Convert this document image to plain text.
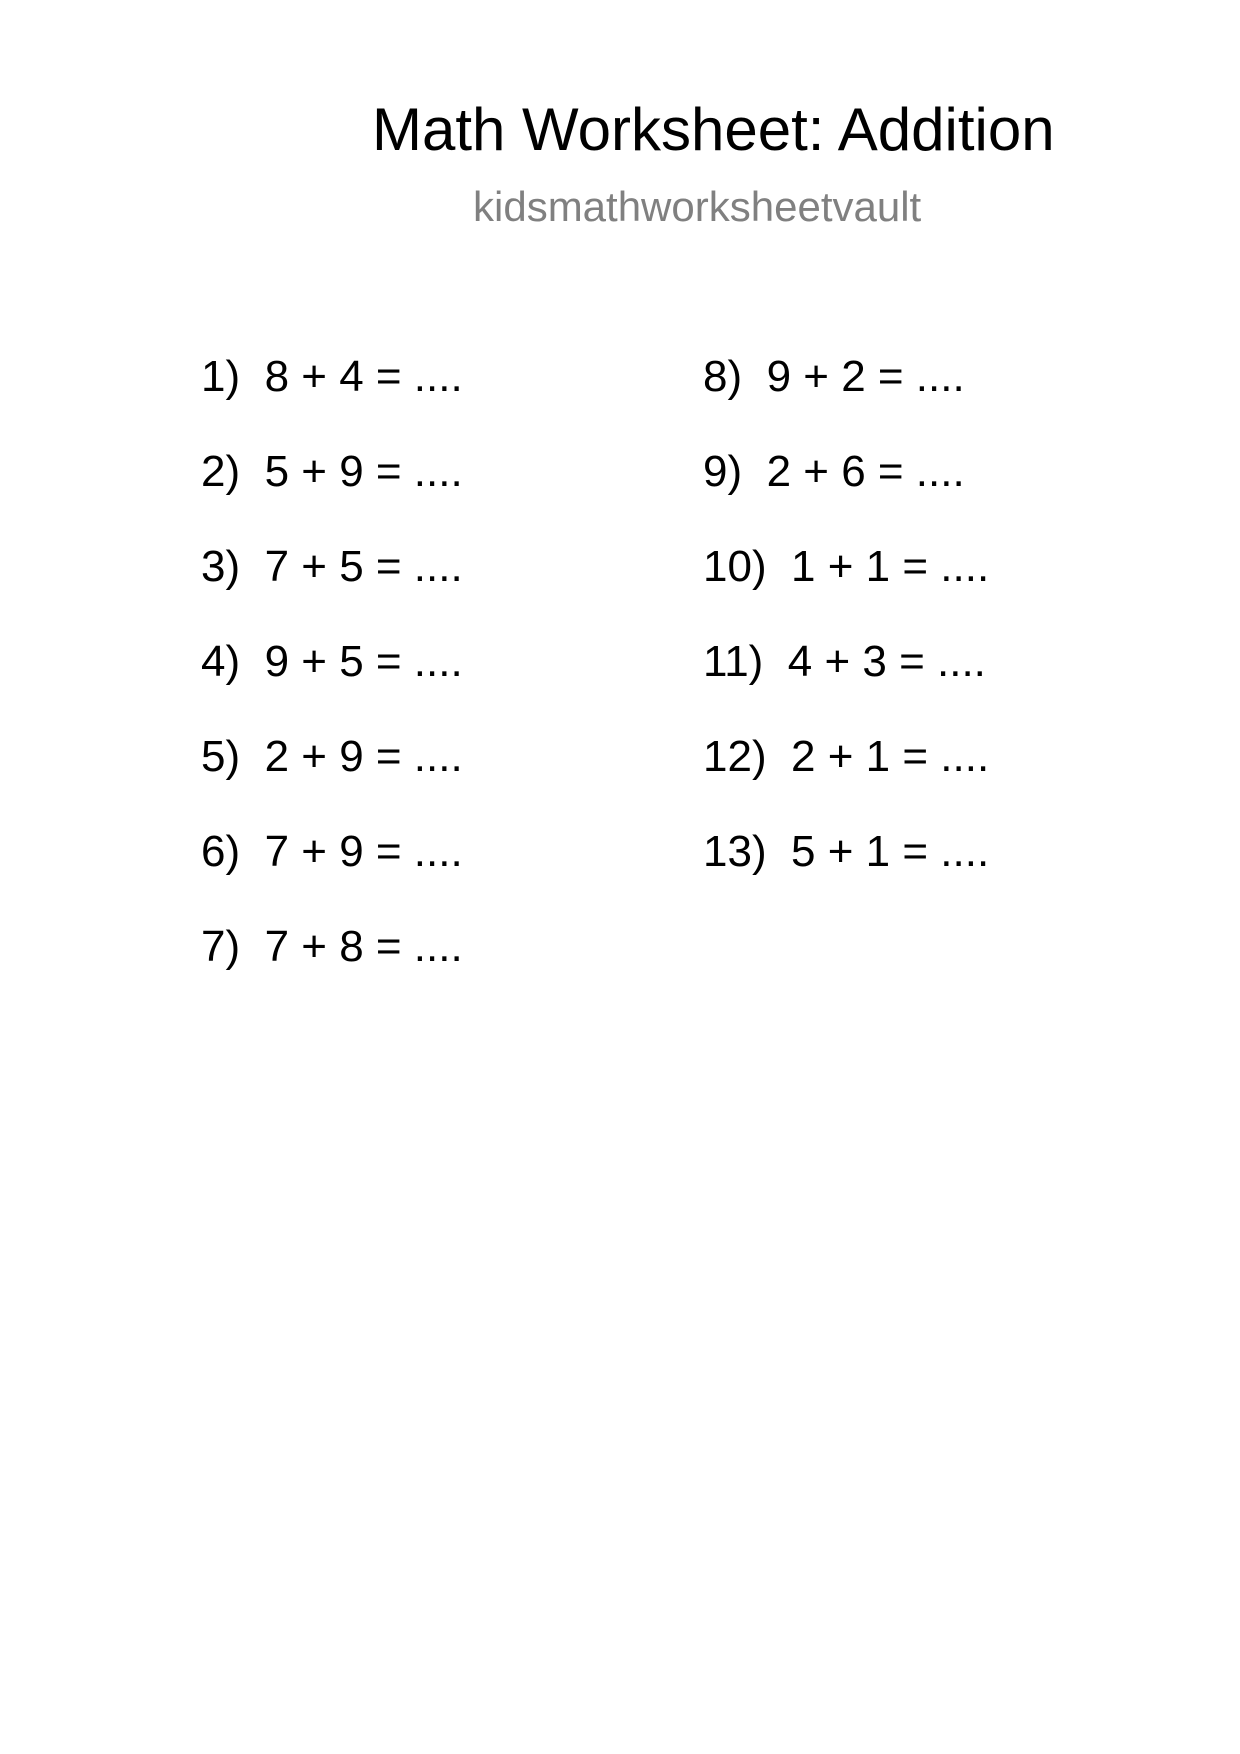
Math Worksheet: Addition
kidsmathworksheetvault
1) 8 + 4 = ....
2) 5 + 9 = ....
3) 7 + 5 = ....
4) 9 + 5 = ....
5) 2 + 9 = ....
6) 7 + 9 = ....
7) 7 + 8 = ....
8) 9 + 2 = ....
9) 2 + 6 = ....
10) 1 + 1 = ....
11) 4 + 3 = ....
12) 2 + 1 = ....
13) 5 + 1 = ....
